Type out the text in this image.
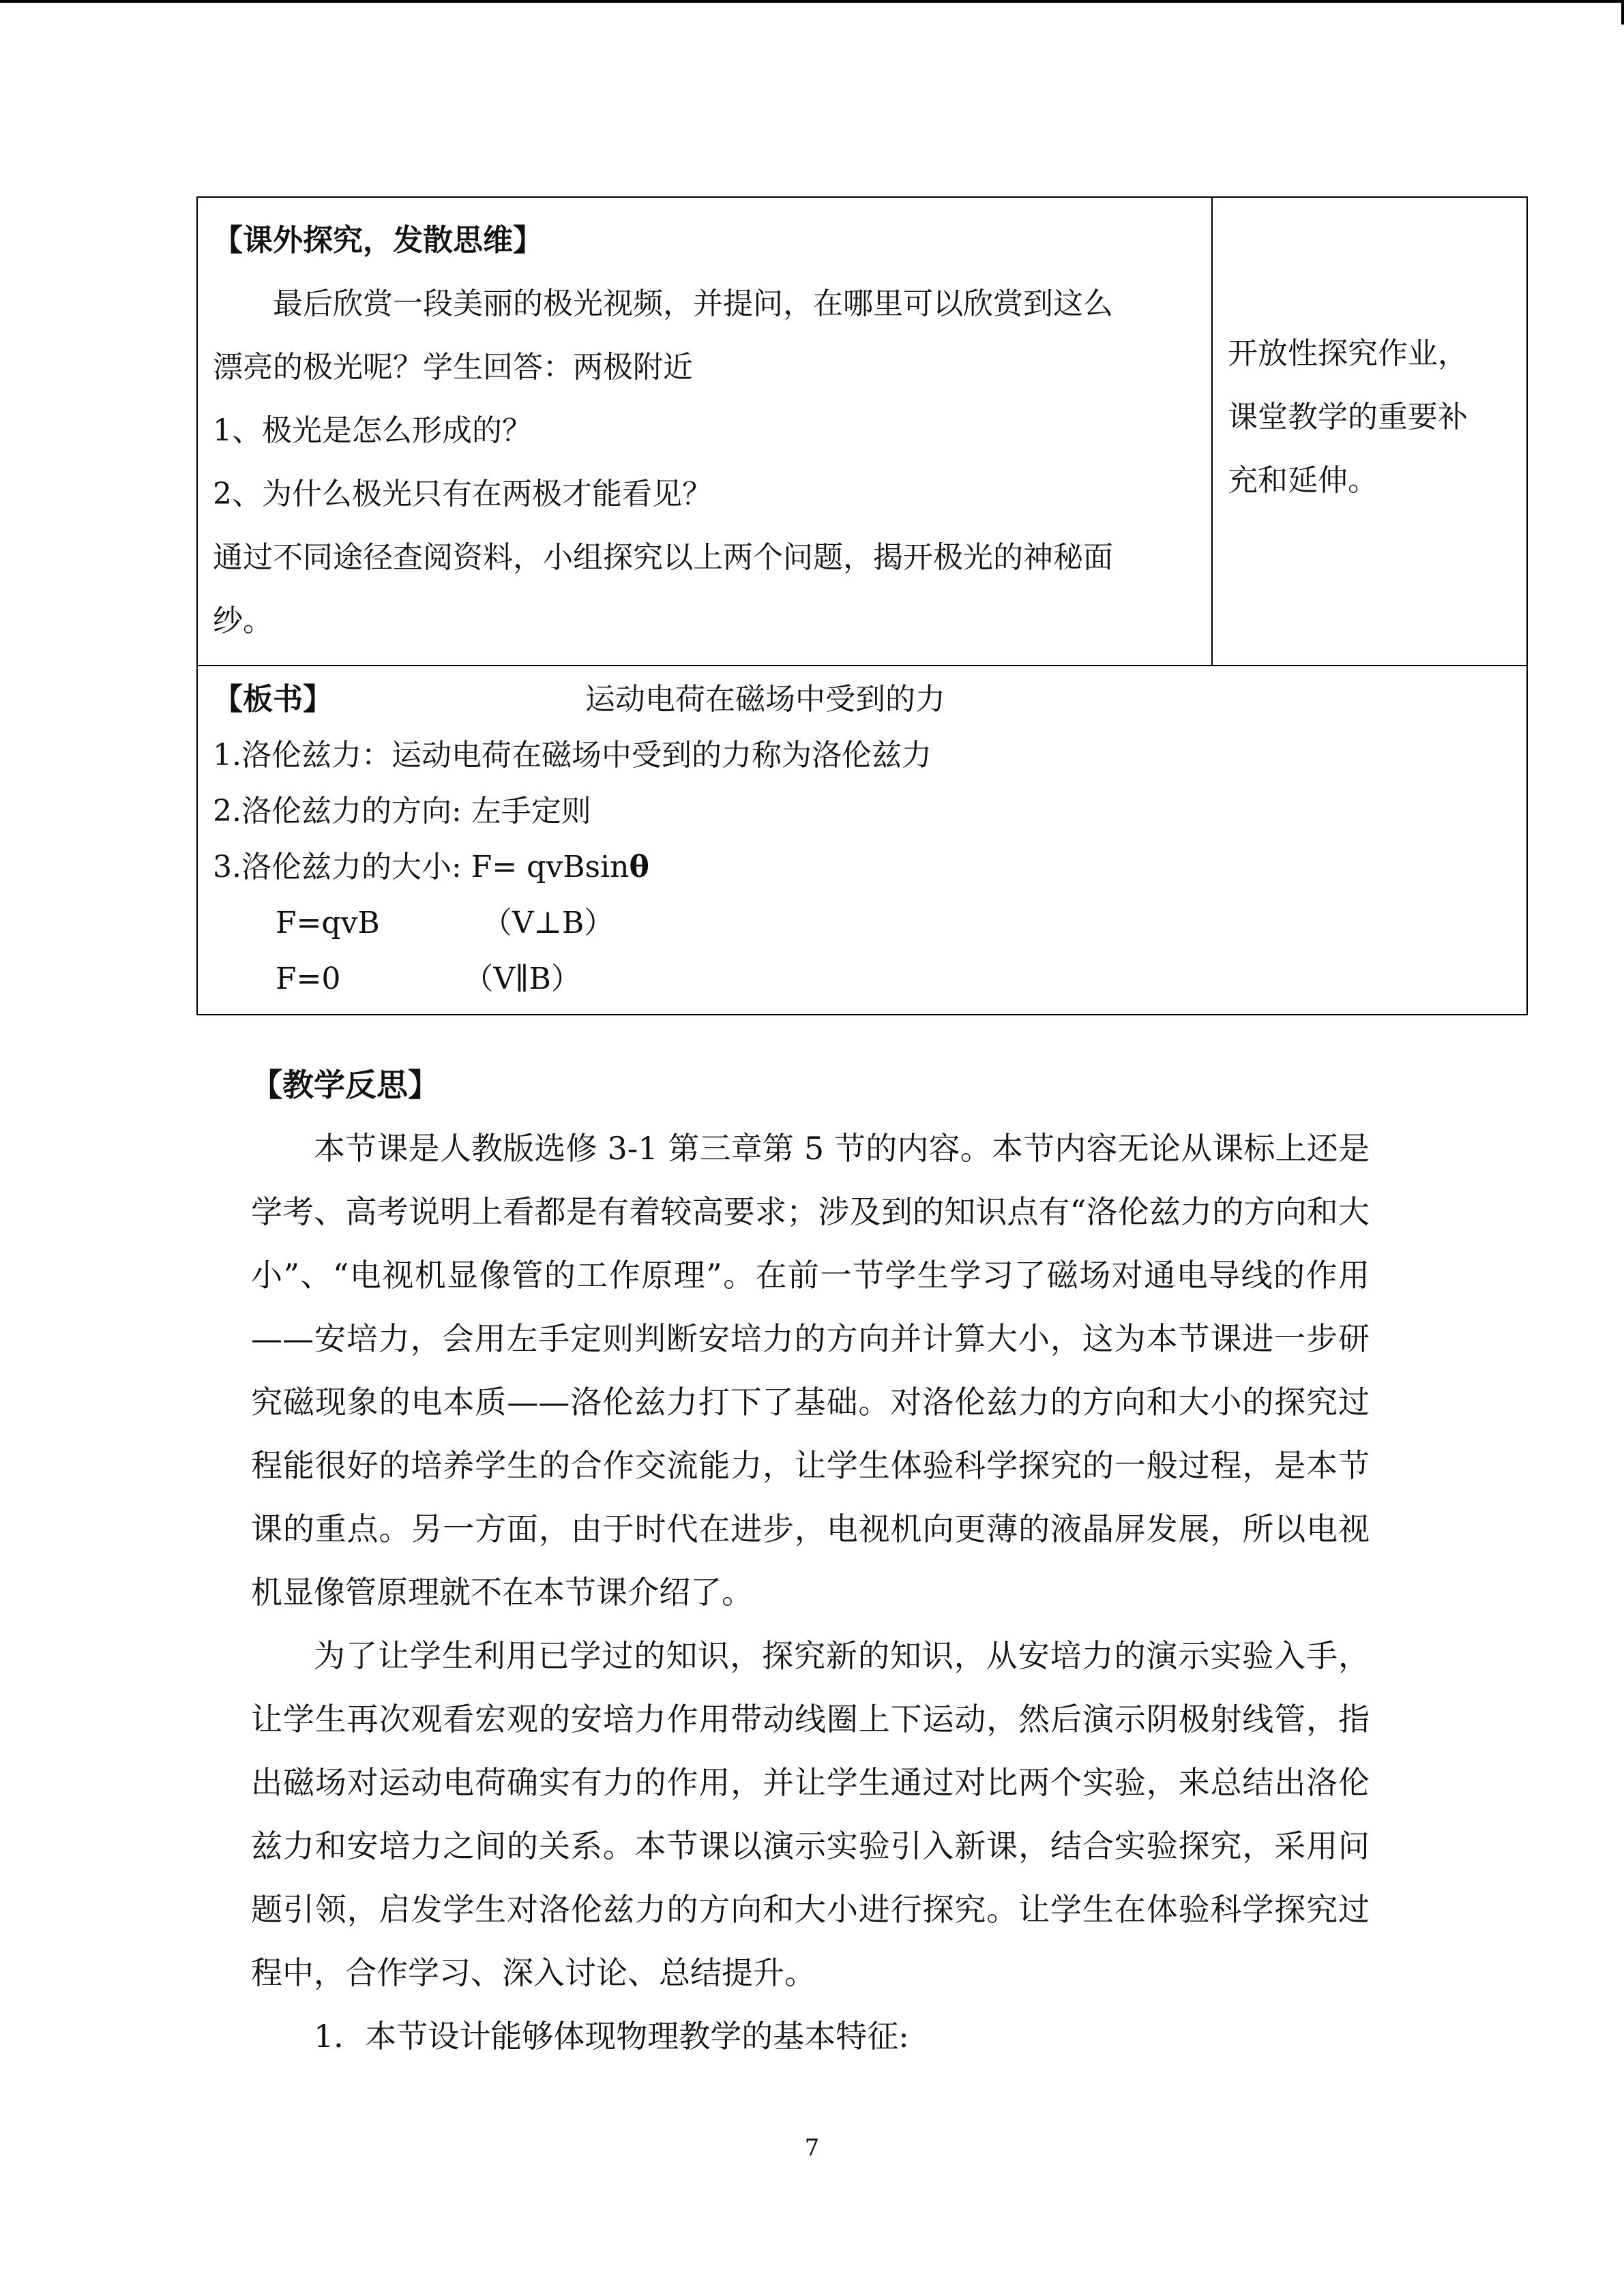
【课外探究，发散思维】

最后欣赏一段美丽的极光视频，并提问，在哪里可以欣赏到这么

漂亮的极光呢？学生回答：两极附近

1、极光是怎么形成的？

2、为什么极光只有在两极才能看见？

通过不同途径查阅资料，小组探究以上两个问题，揭开极光的神秘面

纱。

开放性探究作业，

课堂教学的重要补

充和延伸。

【板书】	运动电荷在磁场中受到的力

1.洛伦兹力：运动电荷在磁场中受到的力称为洛伦兹力

2.洛伦兹力的方向: 左手定则

3.洛伦兹力的大小: F= qvBsinθ

F=qvB	（V⊥B）

F=0	（V∥B）

【教学反思】

本节课是人教版选修 3-1 第三章第 5 节的内容。本节内容无论从课标上还是学考、高考说明上看都是有着较高要求；涉及到的知识点有“洛伦兹力的方向和大小”、“电视机显像管的工作原理”。在前一节学生学习了磁场对通电导线的作用——安培力，会用左手定则判断安培力的方向并计算大小，这为本节课进一步研究磁现象的电本质——洛伦兹力打下了基础。对洛伦兹力的方向和大小的探究过程能很好的培养学生的合作交流能力，让学生体验科学探究的一般过程，是本节课的重点。另一方面，由于时代在进步，电视机向更薄的液晶屏发展，所以电视机显像管原理就不在本节课介绍了。

为了让学生利用已学过的知识，探究新的知识，从安培力的演示实验入手，让学生再次观看宏观的安培力作用带动线圈上下运动，然后演示阴极射线管，指出磁场对运动电荷确实有力的作用，并让学生通过对比两个实验，来总结出洛伦兹力和安培力之间的关系。本节课以演示实验引入新课，结合实验探究，采用问题引领，启发学生对洛伦兹力的方向和大小进行探究。让学生在体验科学探究过程中，合作学习、深入讨论、总结提升。

1．本节设计能够体现物理教学的基本特征:

7
